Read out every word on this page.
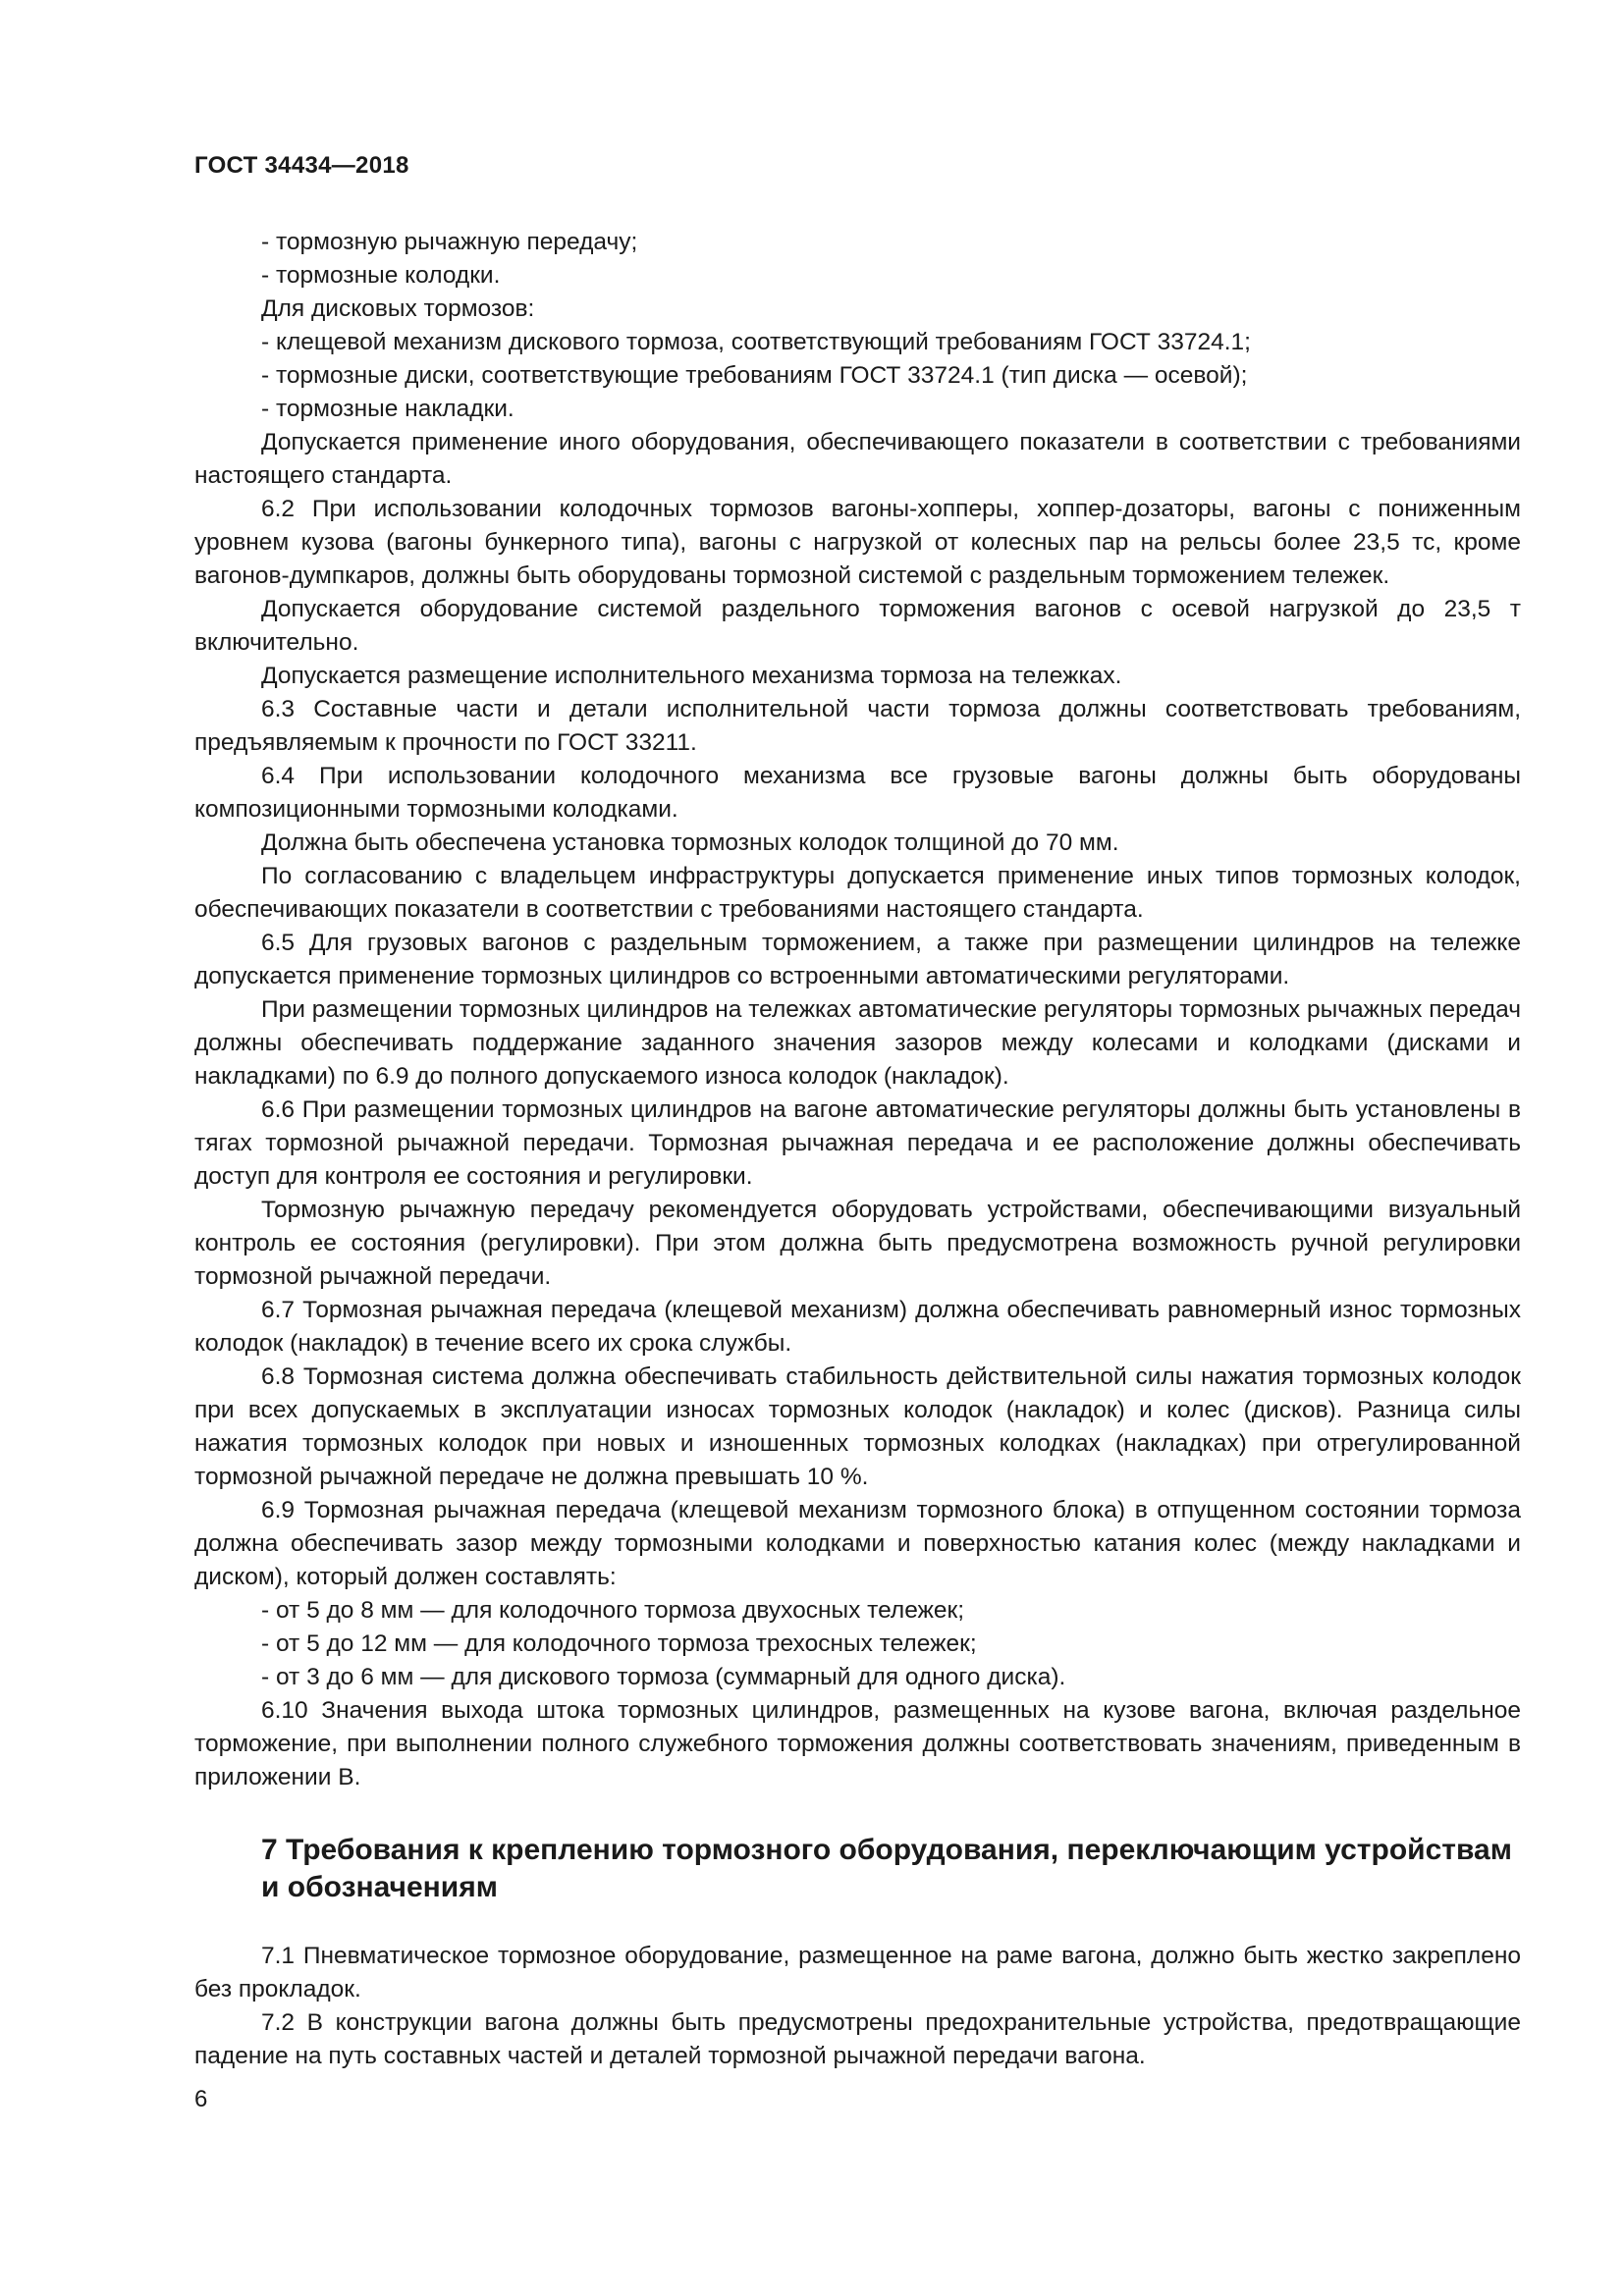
ГОСТ 34434—2018

- тормозную рычажную передачу;

- тормозные колодки.

Для дисковых тормозов:

- клещевой механизм дискового тормоза, соответствующий требованиям ГОСТ 33724.1;

- тормозные диски, соответствующие требованиям ГОСТ 33724.1 (тип диска — осевой);

- тормозные накладки.

Допускается применение иного оборудования, обеспечивающего показатели в соответствии с требованиями настоящего стандарта.

6.2 При использовании колодочных тормозов вагоны-хопперы, хоппер-дозаторы, вагоны с пониженным уровнем кузова (вагоны бункерного типа), вагоны с нагрузкой от колесных пар на рельсы более 23,5 тс, кроме вагонов-думпкаров, должны быть оборудованы тормозной системой с раздельным торможением тележек.

Допускается оборудование системой раздельного торможения вагонов с осевой нагрузкой до 23,5 т включительно.

Допускается размещение исполнительного механизма тормоза на тележках.

6.3 Составные части и детали исполнительной части тормоза должны соответствовать требованиям, предъявляемым к прочности по ГОСТ 33211.

6.4 При использовании колодочного механизма все грузовые вагоны должны быть оборудованы композиционными тормозными колодками.

Должна быть обеспечена установка тормозных колодок толщиной до 70 мм.

По согласованию с владельцем инфраструктуры допускается применение иных типов тормозных колодок, обеспечивающих показатели в соответствии с требованиями настоящего стандарта.

6.5 Для грузовых вагонов с раздельным торможением, а также при размещении цилиндров на тележке допускается применение тормозных цилиндров со встроенными автоматическими регуляторами.

При размещении тормозных цилиндров на тележках автоматические регуляторы тормозных рычажных передач должны обеспечивать поддержание заданного значения зазоров между колесами и колодками (дисками и накладками) по 6.9 до полного допускаемого износа колодок (накладок).

6.6 При размещении тормозных цилиндров на вагоне автоматические регуляторы должны быть установлены в тягах тормозной рычажной передачи. Тормозная рычажная передача и ее расположение должны обеспечивать доступ для контроля ее состояния и регулировки.

Тормозную рычажную передачу рекомендуется оборудовать устройствами, обеспечивающими визуальный контроль ее состояния (регулировки). При этом должна быть предусмотрена возможность ручной регулировки тормозной рычажной передачи.

6.7 Тормозная рычажная передача (клещевой механизм) должна обеспечивать равномерный износ тормозных колодок (накладок) в течение всего их срока службы.

6.8 Тормозная система должна обеспечивать стабильность действительной силы нажатия тормозных колодок при всех допускаемых в эксплуатации износах тормозных колодок (накладок) и колес (дисков). Разница силы нажатия тормозных колодок при новых и изношенных тормозных колодках (накладках) при отрегулированной тормозной рычажной передаче не должна превышать 10 %.

6.9 Тормозная рычажная передача (клещевой механизм тормозного блока) в отпущенном состоянии тормоза должна обеспечивать зазор между тормозными колодками и поверхностью катания колес (между накладками и диском), который должен составлять:

- от 5 до 8 мм — для колодочного тормоза двухосных тележек;

- от 5 до 12 мм — для колодочного тормоза трехосных тележек;

- от 3 до 6 мм — для дискового тормоза (суммарный для одного диска).

6.10 Значения выхода штока тормозных цилиндров, размещенных на кузове вагона, включая раздельное торможение, при выполнении полного служебного торможения должны соответствовать значениям, приведенным в приложении В.

7 Требования к креплению тормозного оборудования, переключающим устройствам и обозначениям

7.1 Пневматическое тормозное оборудование, размещенное на раме вагона, должно быть жестко закреплено без прокладок.

7.2 В конструкции вагона должны быть предусмотрены предохранительные устройства, предотвращающие падение на путь составных частей и деталей тормозной рычажной передачи вагона.

6
